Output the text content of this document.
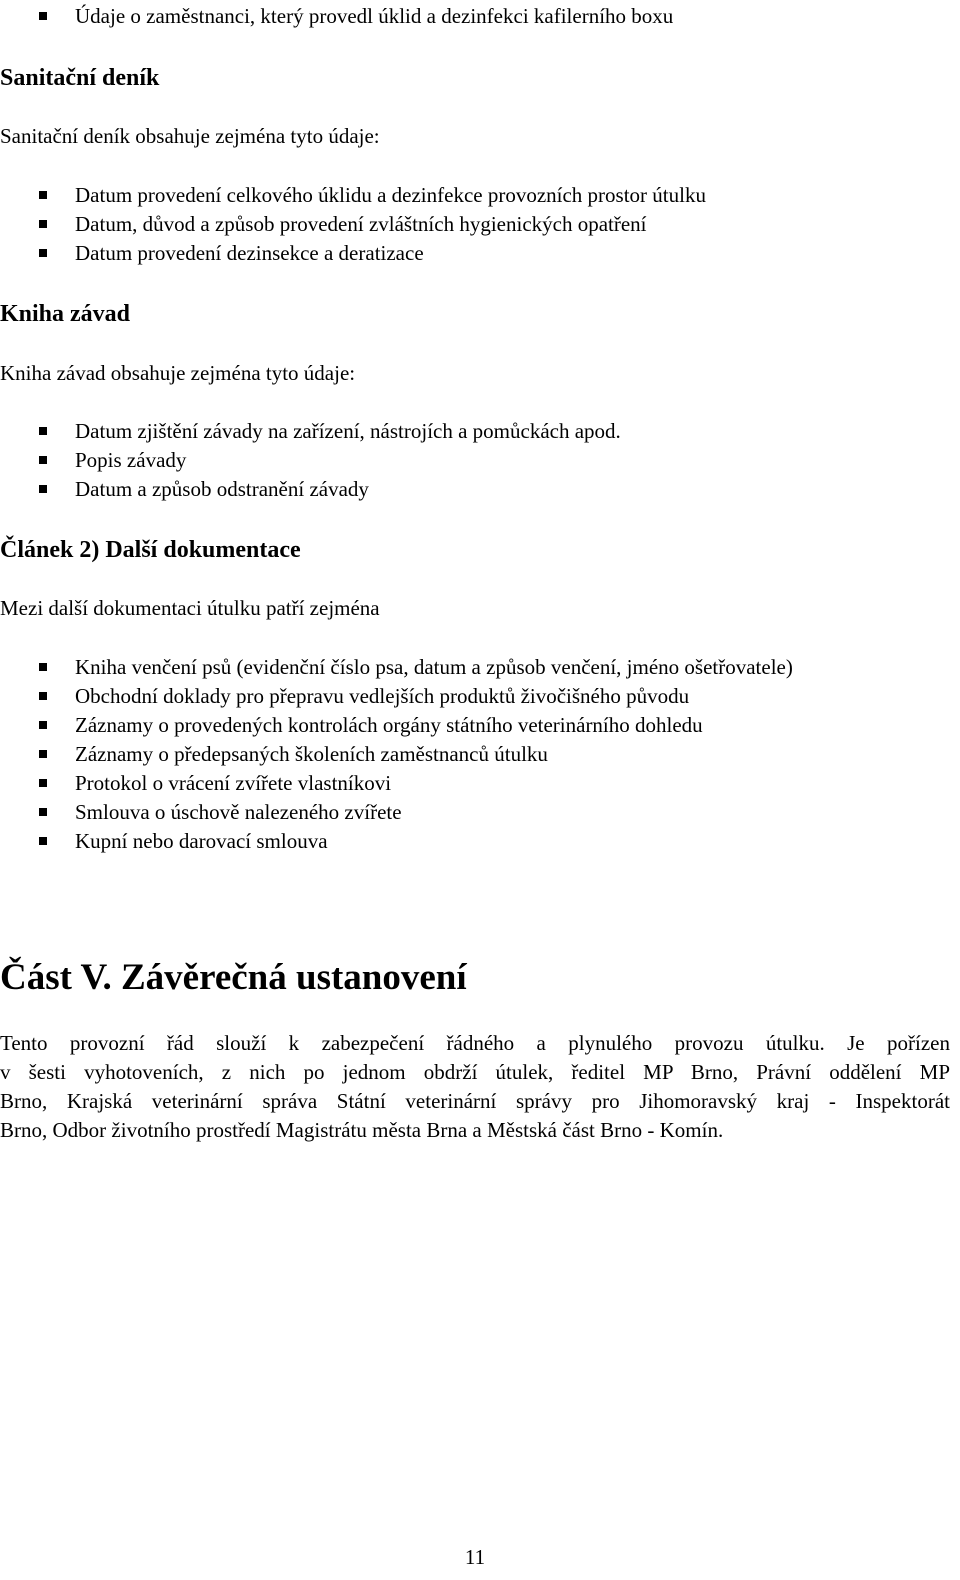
Údaje o zaměstnanci, který provedl úklid a dezinfekci kafilerního boxu
Sanitační deník

Sanitační deník obsahuje zejména tyto údaje:

Datum provedení celkového úklidu a dezinfekce provozních prostor útulku
Datum, důvod a způsob provedení zvláštních hygienických opatření
Datum provedení dezinsekce a deratizace
Kniha závad

Kniha závad obsahuje zejména tyto údaje:

Datum zjištění závady na zařízení, nástrojích a pomůckách apod.
Popis závady
Datum a způsob odstranění závady
Článek 2) Další dokumentace

Mezi další dokumentaci útulku patří zejména

Kniha venčení psů (evidenční číslo psa, datum a způsob venčení, jméno ošetřovatele)
Obchodní doklady pro přepravu vedlejších produktů živočišného původu
Záznamy o provedených kontrolách orgány státního veterinárního dohledu
Záznamy o předepsaných školeních zaměstnanců útulku
Protokol o vrácení zvířete vlastníkovi
Smlouva o úschově nalezeného zvířete
Kupní nebo darovací smlouva
Část V. Závěrečná ustanovení
Tento provozní řád slouží k zabezpečení řádného a plynulého provozu útulku. Je pořízen
v šesti vyhotoveních, z nich po jednom obdrží útulek, ředitel MP Brno, Právní oddělení MP
Brno, Krajská veterinární správa Státní veterinární správy pro Jihomoravský kraj - Inspektorát
Brno, Odbor životního prostředí Magistrátu města Brna a Městská část Brno - Komín.
11
